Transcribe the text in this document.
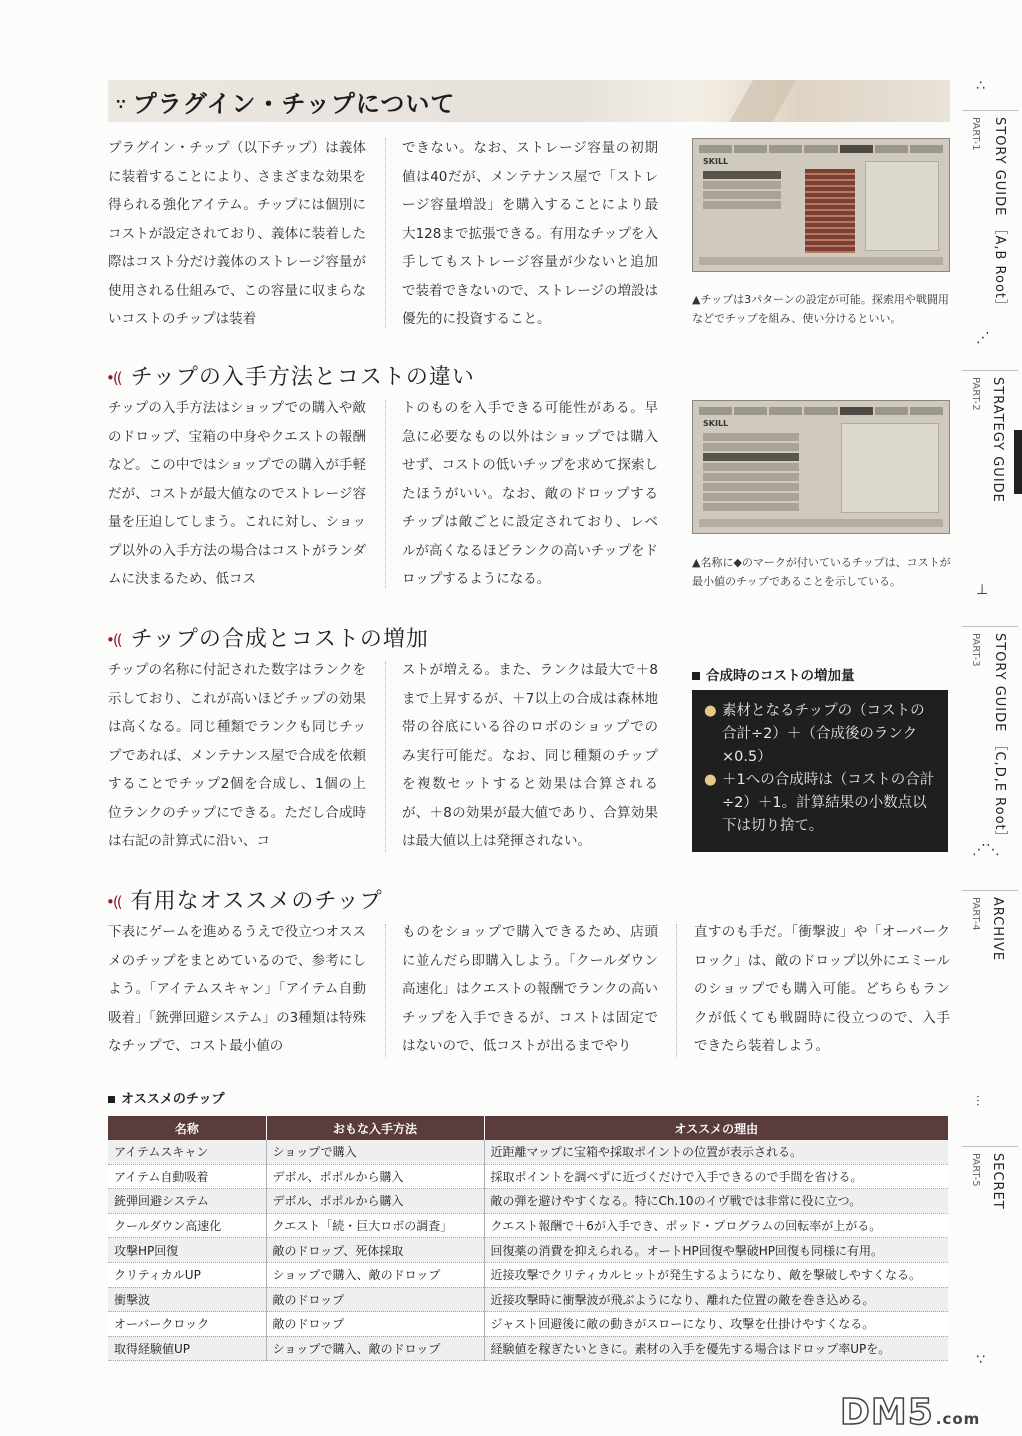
∵ プラグイン・チップについて
プラグイン・チップ（以下チップ）は義体に装着することにより、さまざまな効果を得られる強化アイテム。チップには個別にコストが設定されており、義体に装着した際はコスト分だけ義体のストレージ容量が使用される仕組みで、この容量に収まらないコストのチップは装着
できない。なお、ストレージ容量の初期値は40だが、メンテナンス屋で「ストレージ容量増設」を購入することにより最大128まで拡張できる。有用なチップを入手してもストレージ容量が少ないと追加で装着できないので、ストレージの増設は優先的に投資すること。
SKILL
▲チップは3パターンの設定が可能。探索用や戦闘用などでチップを組み、使い分けるといい。
•(( チップの入手方法とコストの違い
チップの入手方法はショップでの購入や敵のドロップ、宝箱の中身やクエストの報酬など。この中ではショップでの購入が手軽だが、コストが最大値なのでストレージ容量を圧迫してしまう。これに対し、ショップ以外の入手方法の場合はコストがランダムに決まるため、低コス
トのものを入手できる可能性がある。早急に必要なもの以外はショップでは購入せず、コストの低いチップを求めて探索したほうがいい。なお、敵のドロップするチップは敵ごとに設定されており、レベルが高くなるほどランクの高いチップをドロップするようになる。
SKILL
▲名称に◆のマークが付いているチップは、コストが最小値のチップであることを示している。
•(( チップの合成とコストの増加
チップの名称に付記された数字はランクを示しており、これが高いほどチップの効果は高くなる。同じ種類でランクも同じチップであれば、メンテナンス屋で合成を依頼することでチップ2個を合成し、1個の上位ランクのチップにできる。ただし合成時は右記の計算式に沿い、コ
ストが増える。また、ランクは最大で＋8まで上昇するが、＋7以上の合成は森林地帯の谷底にいる谷のロボのショップでのみ実行可能だ。なお、同じ種類のチップを複数セットすると効果は合算されるが、＋8の効果が最大値であり、合算効果は最大値以上は発揮されない。
合成時のコストの増加量
● 素材となるチップの（コストの合計÷2）＋（合成後のランク×0.5）
● ＋1への合成時は（コストの合計÷2）＋1。計算結果の小数点以下は切り捨て。
•(( 有用なオススメのチップ
下表にゲームを進めるうえで役立つオススメのチップをまとめているので、参考にしよう。「アイテムスキャン」「アイテム自動吸着」「銃弾回避システム」の3種類は特殊なチップで、コスト最小値の
ものをショップで購入できるため、店頭に並んだら即購入しよう。「クールダウン高速化」はクエストの報酬でランクの高いチップを入手できるが、コストは固定ではないので、低コストが出るまでやり
直すのも手だ。「衝撃波」や「オーバークロック」は、敵のドロップ以外にエミールのショップでも購入可能。どちらもランクが低くても戦闘時に役立つので、入手できたら装着しよう。
オススメのチップ
名称	おもな入手方法	オススメの理由
アイテムスキャン	ショップで購入	近距離マップに宝箱や採取ポイントの位置が表示される。
アイテム自動吸着	デボル、ポポルから購入	採取ポイントを調べずに近づくだけで入手できるので手間を省ける。
銃弾回避システム	デボル、ポポルから購入	敵の弾を避けやすくなる。特にCh.10のイヴ戦では非常に役に立つ。
クールダウン高速化	クエスト「続・巨大ロボの調査」	クエスト報酬で＋6が入手でき、ポッド・プログラムの回転率が上がる。
攻撃HP回復	敵のドロップ、死体採取	回復薬の消費を抑えられる。オートHP回復や撃破HP回復も同様に有用。
クリティカルUP	ショップで購入、敵のドロップ	近接攻撃でクリティカルヒットが発生するようになり、敵を撃破しやすくなる。
衝撃波	敵のドロップ	近接攻撃時に衝撃波が飛ぶようになり、離れた位置の敵を巻き込める。
オーバークロック	敵のドロップ	ジャスト回避後に敵の動きがスローになり、攻撃を仕掛けやすくなる。
取得経験値UP	ショップで購入、敵のドロップ	経験値を稼ぎたいときに。素材の入手を優先する場合はドロップ率UPを。
∴
STORY GUIDE ［A,B Root］
PART-1
⋰
STRATEGY GUIDE
PART-2
⊥
STORY GUIDE ［C,D,E Root］
PART-3
⋰⋱
ARCHIVE
PART-4
⫶
SECRET
PART-5
∵
DM5 .com
